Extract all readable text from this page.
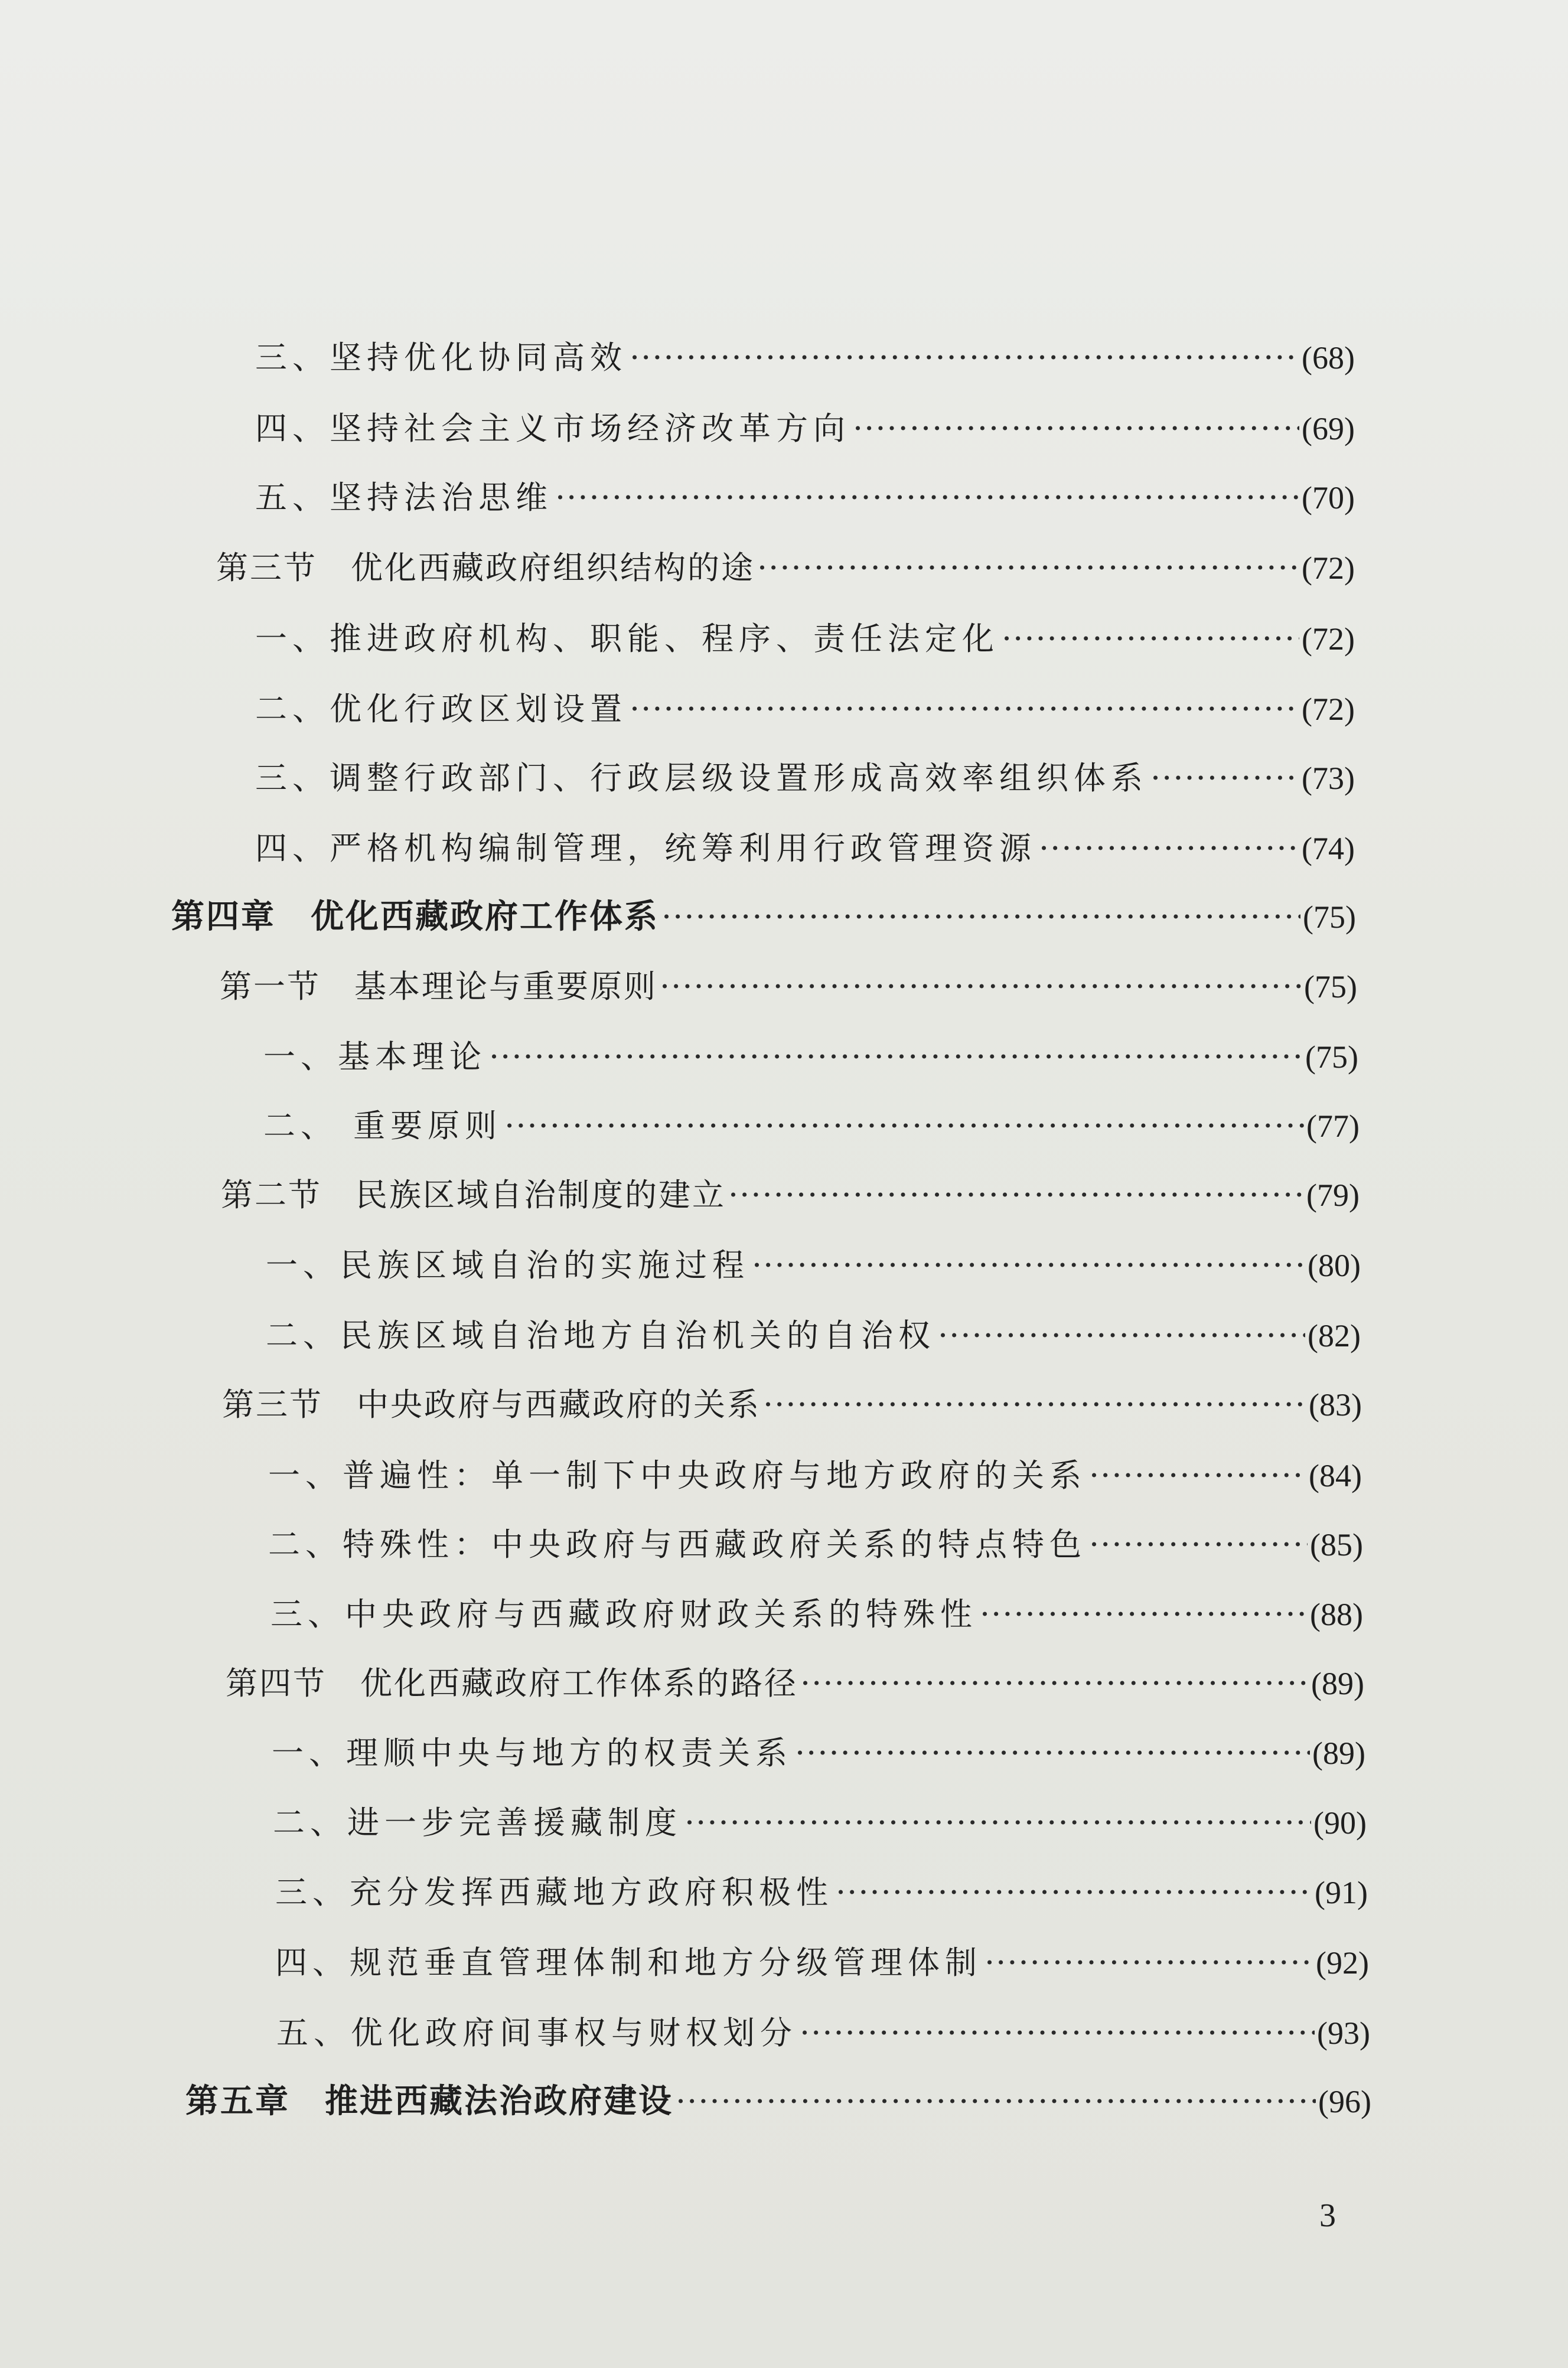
三、坚持优化协同高效 ·····	(68)
四、坚持社会主义市场经济改革方向 ·····	(69)
五、坚持法治思维 ·····	(70)
第三节　优化西藏政府组织结构的途 ·····	(72)
一、推进政府机构、职能、程序、责任法定化 ·····	(72)
二、优化行政区划设置 ·····	(72)
三、调整行政部门、行政层级设置形成高效率组织体系 ·····	(73)
四、严格机构编制管理，统筹利用行政管理资源 ·····	(74)
第四章　优化西藏政府工作体系 ·····	(75)
第一节　基本理论与重要原则 ·····	(75)
一、基本理论 ·····	(75)
二、 重要原则 ·····	(77)
第二节　民族区域自治制度的建立 ·····	(79)
一、民族区域自治的实施过程 ·····	(80)
二、民族区域自治地方自治机关的自治权 ·····	(82)
第三节　中央政府与西藏政府的关系 ·····	(83)
一、普遍性：单一制下中央政府与地方政府的关系 ·····	(84)
二、特殊性：中央政府与西藏政府关系的特点特色 ·····	(85)
三、中央政府与西藏政府财政关系的特殊性 ·····	(88)
第四节　优化西藏政府工作体系的路径 ·····	(89)
一、理顺中央与地方的权责关系 ·····	(89)
二、进一步完善援藏制度 ·····	(90)
三、充分发挥西藏地方政府积极性 ·····	(91)
四、规范垂直管理体制和地方分级管理体制 ·····	(92)
五、优化政府间事权与财权划分 ·····	(93)
第五章　推进西藏法治政府建设 ·····	(96)
3
